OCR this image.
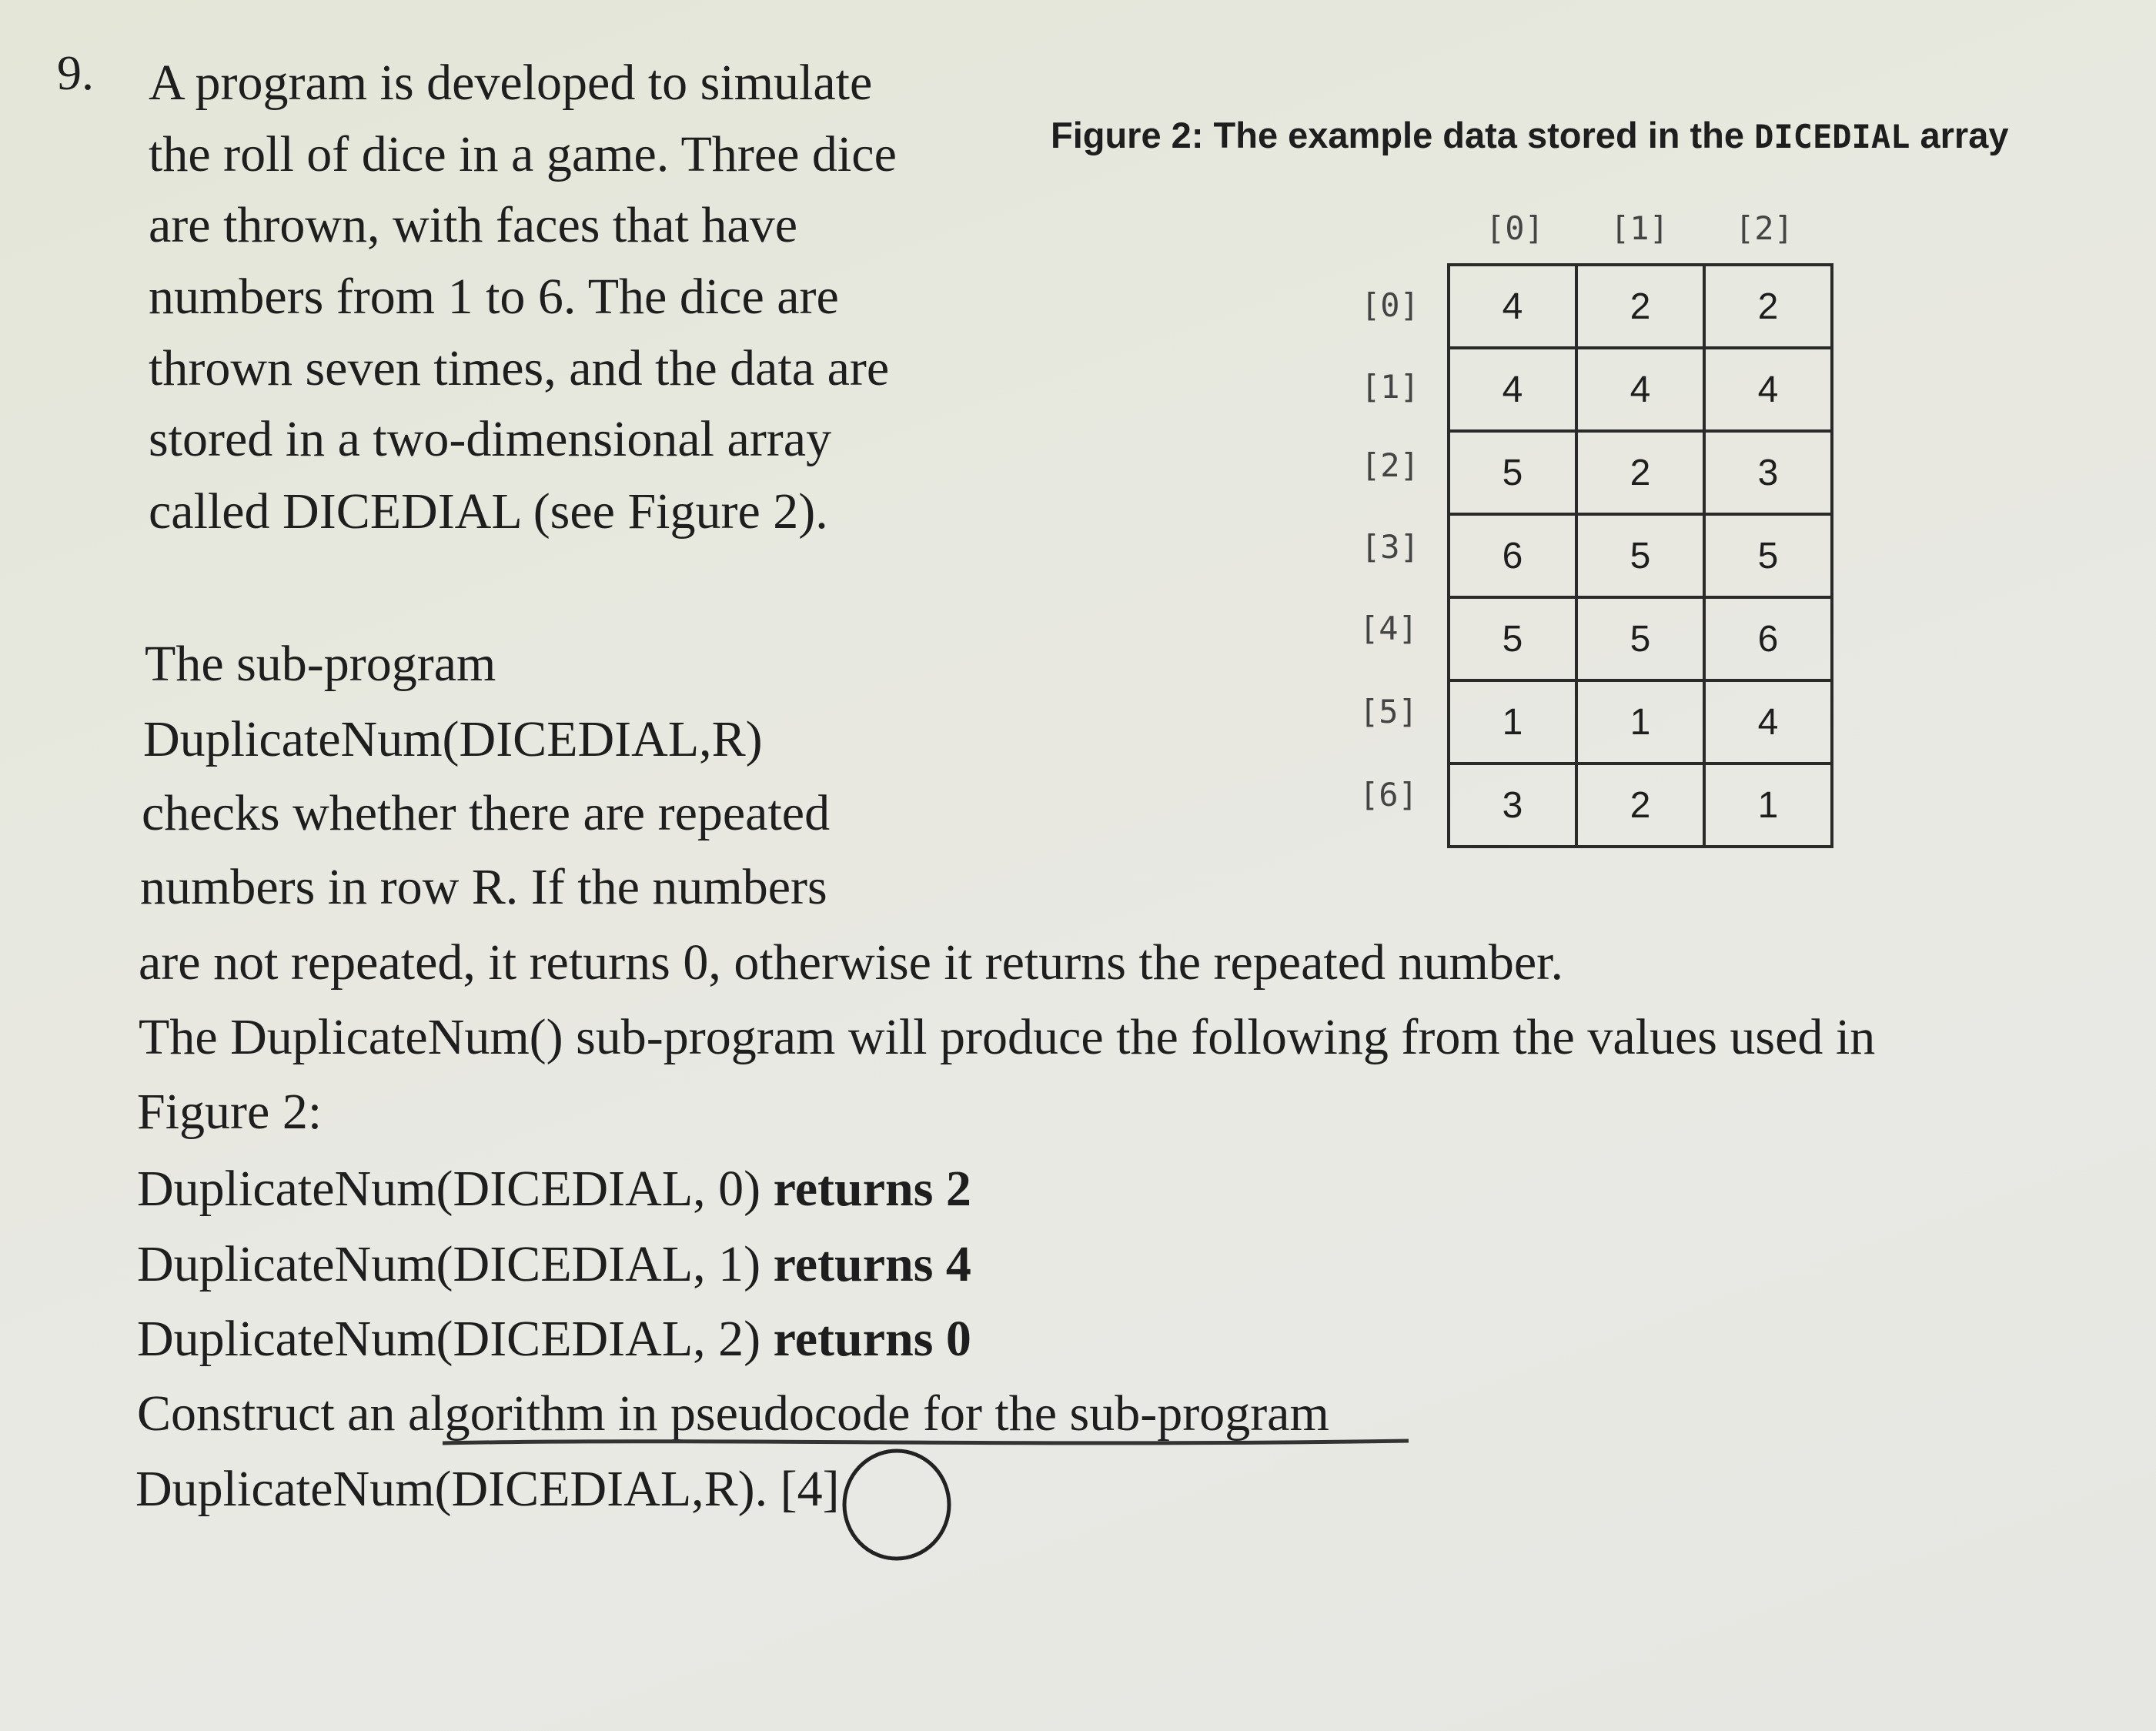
9. A program is developed to simulate
the roll of dice in a game. Three dice
are thrown, with faces that have
numbers from 1 to 6. The dice are
thrown seven times, and the data are
stored in a two-dimensional array
called DICEDIAL (see Figure 2).
The sub-program
DuplicateNum(DICEDIAL,R)
checks whether there are repeated
numbers in row R. If the numbers
are not repeated, it returns 0, otherwise it returns the repeated number.
The DuplicateNum() sub-program will produce the following from the values used in
Figure 2:
DuplicateNum(DICEDIAL, 0) returns 2
DuplicateNum(DICEDIAL, 1) returns 4
DuplicateNum(DICEDIAL, 2) returns 0
Construct an algorithm in pseudocode for the sub-program
DuplicateNum(DICEDIAL,R). [4]
Figure 2: The example data stored in the DICEDIAL array
[0] [1] [2]
[0]
[1]
[2]
[3]
[4]
[5]
[6]
4	2	2
4	4	4
5	2	3
6	5	5
5	5	6
1	1	4
3	2	1
